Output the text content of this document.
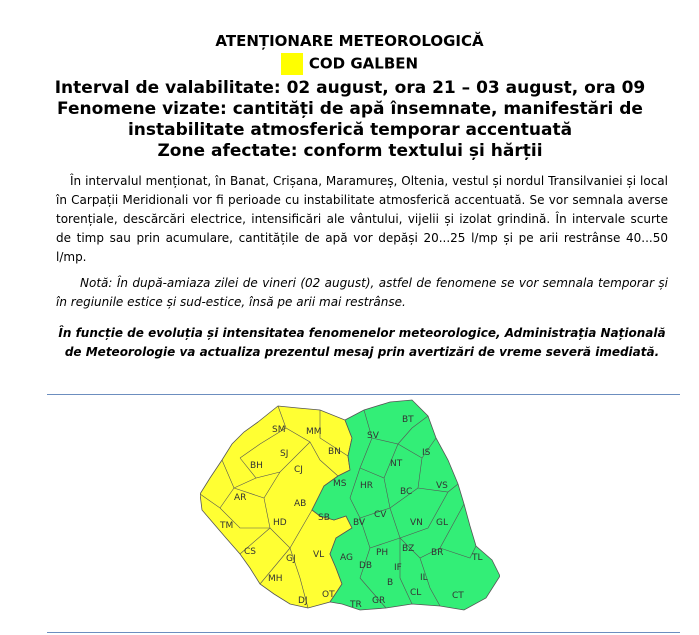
ATENȚIONARE METEOROLOGICĂ
COD GALBEN
Interval de valabilitate: 02 august, ora 21 – 03 august, ora 09
Fenomene vizate: cantități de apă însemnate, manifestări de instabilitate atmosferică temporar accentuată
Zone afectate: conform textului și hărții
În intervalul menționat, în Banat, Crișana, Maramureș, Oltenia, vestul și nordul Transilvaniei și local în Carpații Meridionali vor fi perioade cu instabilitate atmosferică accentuată. Se vor semnala averse torențiale, descărcări electrice, intensificări ale vântului, vijelii și izolat grindină. În intervale scurte de timp sau prin acumulare, cantitățile de apă vor depăși 20...25 l/mp și pe arii restrânse 40...50 l/mp.
Notă: În după-amiaza zilei de vineri (02 august), astfel de fenomene se vor semnala temporar și în regiunile estice și sud-estice, însă pe arii mai restrânse.
În funcție de evoluția și intensitatea fenomenelor meteorologice, Administrația Națională de Meteorologie va actualiza prezentul mesaj prin avertizări de vreme severă imediată.
SM MM
BT
SV
BH
SJ	BN	IS
NT
CJ
AR
MS HR
BC
VS
AB
TM	HD	SB	BV
CV
VN GL
CS
GJ VL AG	PH BZ BR	TL
MH
DB IF
B
CL
DJ
OT
TR GR
IL
CT
